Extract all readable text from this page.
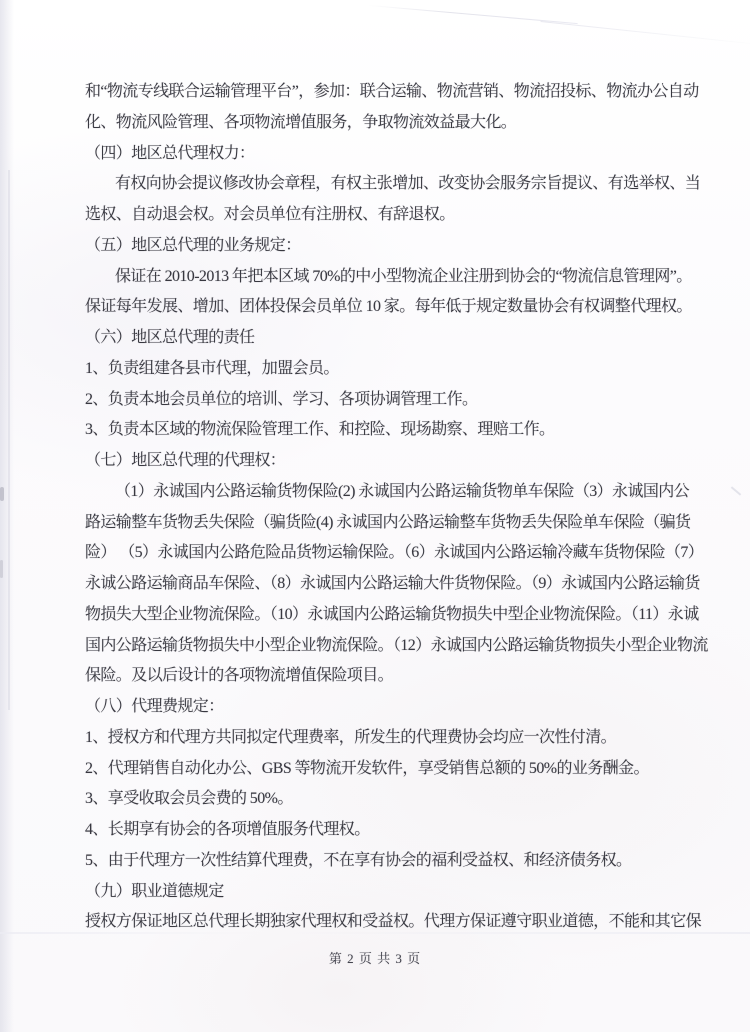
和“物流专线联合运输管理平台”，参加：联合运输、物流营销、物流招投标、物流办公自动
化、物流风险管理、各项物流增值服务，争取物流效益最大化。
（四）地区总代理权力：
有权向协会提议修改协会章程，有权主张增加、改变协会服务宗旨提议、有选举权、当
选权、自动退会权。对会员单位有注册权、有辞退权。
（五）地区总代理的业务规定：
保证在 2010-2013 年把本区域 70%的中小型物流企业注册到协会的“物流信息管理网”。
保证每年发展、增加、团体投保会员单位 10 家。每年低于规定数量协会有权调整代理权。
（六）地区总代理的责任
1、负责组建各县市代理，加盟会员。
2、负责本地会员单位的培训、学习、各项协调管理工作。
3、负责本区域的物流保险管理工作、和控险、现场勘察、理赔工作。
（七）地区总代理的代理权：
（1）永诚国内公路运输货物保险(2) 永诚国内公路运输货物单车保险（3）永诚国内公
路运输整车货物丢失保险（骗货险(4) 永诚国内公路运输整车货物丢失保险单车保险（骗货
险） （5）永诚国内公路危险品货物运输保险。（6）永诚国内公路运输冷藏车货物保险（7）
永诚公路运输商品车保险、（8）永诚国内公路运输大件货物保险。（9）永诚国内公路运输货
物损失大型企业物流保险。（10）永诚国内公路运输货物损失中型企业物流保险。（11）永诚
国内公路运输货物损失中小型企业物流保险。（12）永诚国内公路运输货物损失小型企业物流
保险。及以后设计的各项物流增值保险项目。
（八）代理费规定：
1、授权方和代理方共同拟定代理费率，所发生的代理费协会均应一次性付清。
2、代理销售自动化办公、GBS 等物流开发软件，享受销售总额的 50%的业务酬金。
3、享受收取会员会费的 50%。
4、长期享有协会的各项增值服务代理权。
5、由于代理方一次性结算代理费，不在享有协会的福利受益权、和经济债务权。
（九）职业道德规定
授权方保证地区总代理长期独家代理权和受益权。代理方保证遵守职业道德，不能和其它保
第 2 页 共 3 页
